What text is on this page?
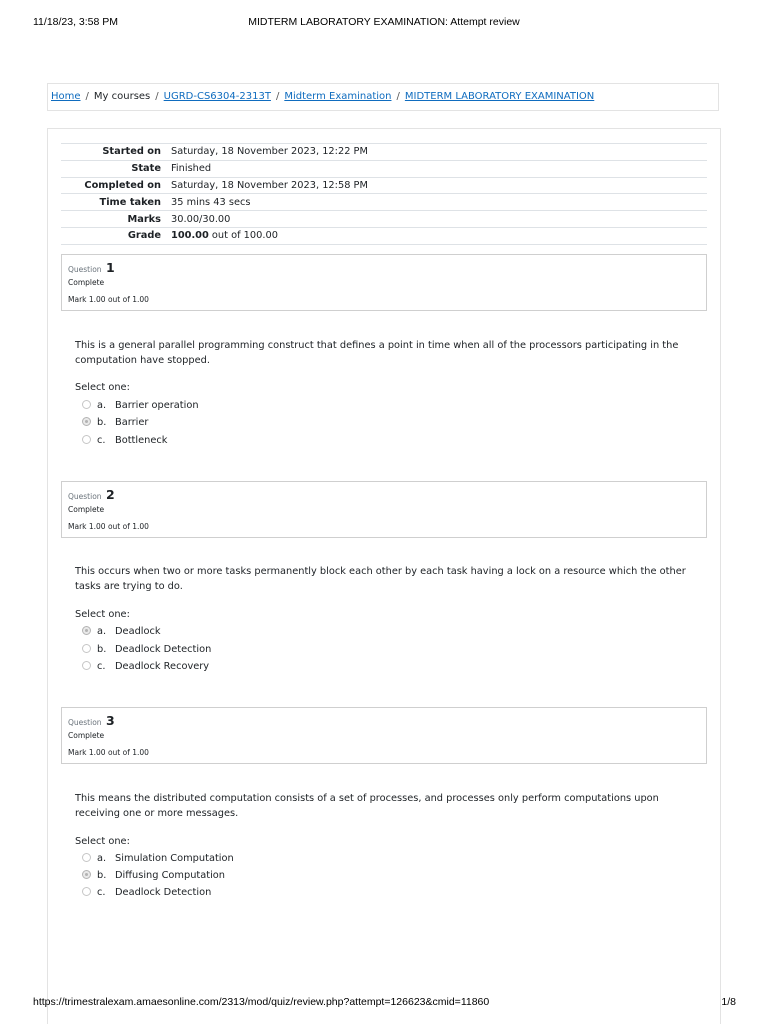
11/18/23, 3:58 PM	MIDTERM LABORATORY EXAMINATION: Attempt review
Home / My courses / UGRD-CS6304-2313T / Midterm Examination / MIDTERM LABORATORY EXAMINATION
Started on	Saturday, 18 November 2023, 12:22 PM
State	Finished
Completed on	Saturday, 18 November 2023, 12:58 PM
Time taken	35 mins 43 secs
Marks	30.00/30.00
Grade	100.00 out of 100.00
Question 1
Complete
Mark 1.00 out of 1.00
This is a general parallel programming construct that defines a point in time when all of the processors participating in the computation have stopped.
Select one:
a. Barrier operation
b. Barrier
c. Bottleneck
Question 2
Complete
Mark 1.00 out of 1.00
This occurs when two or more tasks permanently block each other by each task having a lock on a resource which the other tasks are trying to do.
Select one:
a. Deadlock
b. Deadlock Detection
c. Deadlock Recovery
Question 3
Complete
Mark 1.00 out of 1.00
This means the distributed computation consists of a set of processes, and processes only perform computations upon receiving one or more messages.
Select one:
a. Simulation Computation
b. Diffusing Computation
c. Deadlock Detection
https://trimestralexam.amaesonline.com/2313/mod/quiz/review.php?attempt=126623&cmid=11860	1/8
